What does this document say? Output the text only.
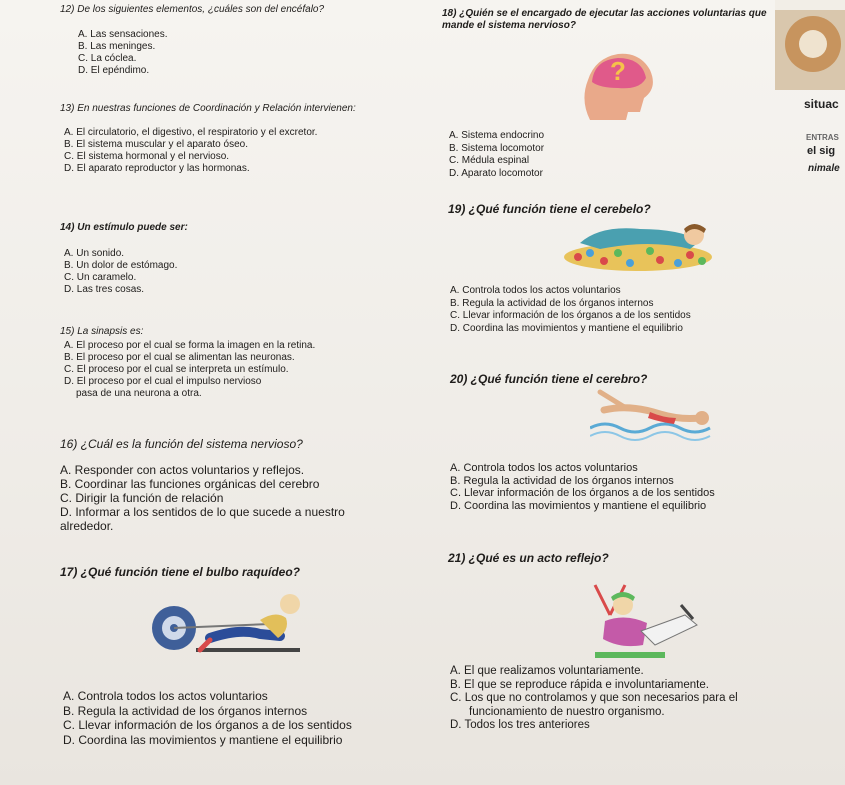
12) De los siguientes elementos, ¿cuáles son del encéfalo?
A. Las sensaciones.
B. Las meninges.
C. La cóclea.
D. El epéndimo.
13) En nuestras funciones de Coordinación y Relación intervienen:
A. El circulatorio, el digestivo, el respiratorio y el excretor.
B. El sistema muscular y el aparato óseo.
C. El sistema hormonal y el nervioso.
D. El aparato reproductor y las hormonas.
14) Un estímulo puede ser:
A. Un sonido.
B. Un dolor de estómago.
C. Un caramelo.
D. Las tres cosas.
15) La sinapsis es:
A. El proceso por el cual se forma la imagen en la retina.
B. El proceso por el cual se alimentan las neuronas.
C. El proceso por el cual se interpreta un estímulo.
D. El proceso por el cual el impulso nervioso
pasa de una neurona a otra.
16) ¿Cuál es la función del sistema nervioso?
A. Responder con actos voluntarios y reflejos.
B. Coordinar las funciones orgánicas del cerebro
C. Dirigir la función de relación
D. Informar a los sentidos de lo que sucede a nuestro
alrededor.
17) ¿Qué función tiene el bulbo raquídeo?
A. Controla todos los actos voluntarios
B. Regula la actividad de los órganos internos
C. Llevar información de los órganos a de los sentidos
D. Coordina las movimientos y mantiene el equilibrio
18) ¿Quién se el encargado de ejecutar las acciones voluntarias que mande el sistema nervioso?
A. Sistema endocrino
B. Sistema locomotor
C. Médula espinal
D. Aparato locomotor
19) ¿Qué función tiene el cerebelo?
A. Controla todos los actos voluntarios
B. Regula la actividad de los órganos internos
C. Llevar información de los órganos a de los sentidos
D. Coordina las movimientos y mantiene el equilibrio
20) ¿Qué función tiene el cerebro?
A. Controla todos los actos voluntarios
B. Regula la actividad de los órganos internos
C. Llevar información de los órganos a de los sentidos
D. Coordina las movimientos y mantiene el equilibrio
21) ¿Qué es un acto reflejo?
A. El que realizamos voluntariamente.
B. El que se reproduce rápida e involuntariamente.
C. Los que no controlamos y que son necesarios para el
funcionamiento de nuestro organismo.
D. Todos los tres anteriores
situac
el sig
nimale
ENTRAS
?
